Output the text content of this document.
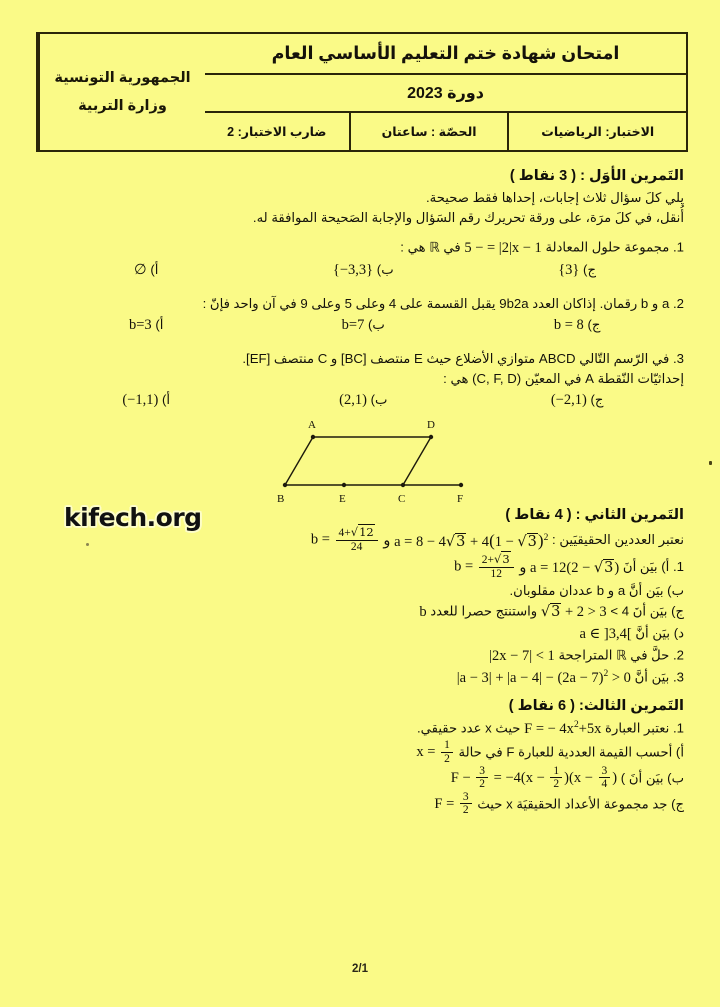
امتحان شهادة ختم التعليم الأساسي العام
دورة 2023
الاختبار: الرياضيات
الحصّة : ساعتان
ضارب الاختبار: 2
الجمهورية التونسية
وزارة التربية

التَمرين الأوَل : ( 3 نقاط )

يلي كلَ سؤال ثلاث إجابات، إحداها فقط صحيحة.

أُنقل، في كلَ مرَة، على ورقة تحريرك رقم السَؤال والإجابة الصَحيحة الموافقة له.

1. مجموعة حلول المعادلة 5 − = |2|x − 1 في ℝ هي :

ج) {3}
ب) {−3,3}
أ) ∅

2. a و b رقمان. إذاكان العدد 9b2a يقبل القسمة على 4 وعلى 5 وعلى 9 في آن واحد فإنّ :

ج) b = 8
ب) b=7
أ) b=3

3. في الرّسم التّالي ABCD متوازي الأضلاع حيث E منتصف [BC] و C منتصف [EF].

إحداثيّات النّقطة A في المعيّن (C, F, D) هي :

ج) (−2,1)
ب) (2,1)
أ) (−1,1)
A	D
B	E	C	F

التَمرين الثاني : ( 4 نقاط )

نعتبر العددين الحقيقيَين : $a = 8 - 4√3 + 4(1 - √3)^2$ و $b = \frac{4+√12}{24}$

1. أ) بيَن أنَ a = 12(2 − √3) و $b = \frac{2+√3}{12}$

ب) بيَن أنَّ a و b عددان مقلوبان.

ج) بيَن أنَ 4 > √3 + 2 > 3 واستنتج حصرا للعدد b

د) بيَن أنَّ a ∈ ]3,4[

2. حلَّ في ℝ المتراجحة |2x − 7| < 1

3. بيَن أنَّ $|a - 3| + |a - 4| - (2a - 7)^2 > 0$

التَمرين الثالث: ( 6 نقاط )

1. نعتبر العبارة F = − $4x^2+5x$ حيث x عدد حقيقي.

أ) أحسب القيمة العددية للعبارة F في حالة $x = \frac{1}{2}$

ب) بيَن أنَ ) $F - \frac{3}{2} = -4(x - \frac{1}{2} )(x - \frac{3}{4}$ )

ج) جد مجموعة الأعداد الحقيقيَة x حيث $F = \frac{3}{2}$

kifech.org
2/1
